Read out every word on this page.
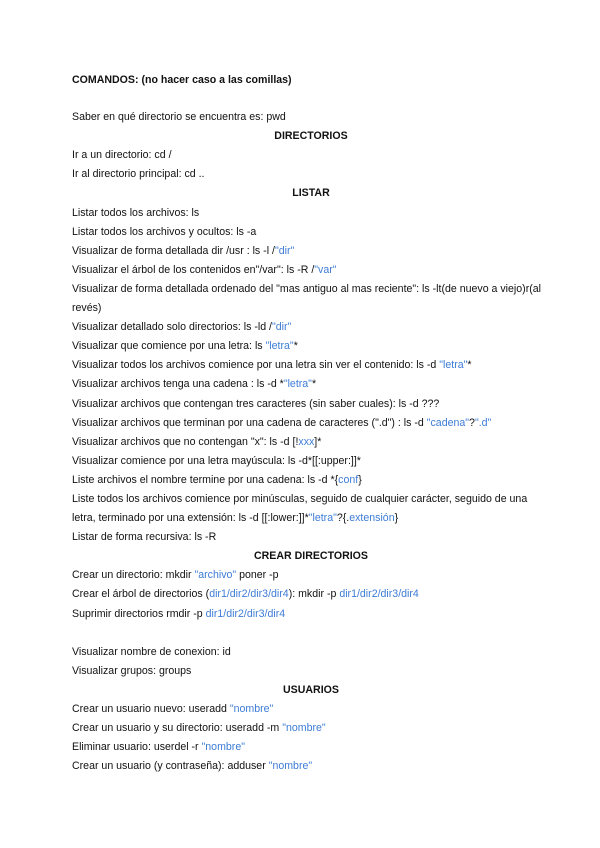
COMANDOS: (no hacer caso a las comillas)

Saber en qué directorio se encuentra es: pwd

DIRECTORIOS

Ir a un directorio: cd /

Ir al directorio principal: cd ..

LISTAR

Listar todos los archivos: ls

Listar todos los archivos y ocultos: ls -a

Visualizar de forma detallada dir /usr : ls -l /"dir"

Visualizar el árbol de los contenidos en"/var": ls -R /"var"

Visualizar de forma detallada ordenado del "mas antiguo al mas reciente": ls -lt(de nuevo a viejo)r(al revés)

Visualizar detallado solo directorios: ls -ld /"dir"

Visualizar que comience por una letra: ls "letra"*

Visualizar todos los archivos comience por una letra sin ver el contenido: ls -d "letra"*

Visualizar archivos tenga una cadena : ls -d *"letra"*

Visualizar archivos que contengan tres caracteres (sin saber cuales): ls -d ???

Visualizar archivos que terminan por una cadena de caracteres (".d") : ls -d "cadena"?".d"

Visualizar archivos que no contengan "x": ls -d [!xxx]*

Visualizar comience por una letra mayúscula: ls -d*[[:upper:]]*

Liste archivos el nombre termine por una cadena: ls -d *{conf}

Liste todos los archivos comience por minúsculas, seguido de cualquier carácter, seguido de una letra, terminado por una extensión: ls -d [[:lower:]]*"letra"?{.extensión}

Listar de forma recursiva: ls -R

CREAR DIRECTORIOS

Crear un directorio: mkdir "archivo" poner -p

Crear el árbol de directorios (dir1/dir2/dir3/dir4): mkdir -p dir1/dir2/dir3/dir4

Suprimir directorios rmdir -p dir1/dir2/dir3/dir4

Visualizar nombre de conexion: id

Visualizar grupos: groups

USUARIOS

Crear un usuario nuevo: useradd "nombre"

Crear un usuario y su directorio: useradd -m "nombre"

Eliminar usuario: userdel -r "nombre"

Crear un usuario (y contraseña): adduser "nombre"
